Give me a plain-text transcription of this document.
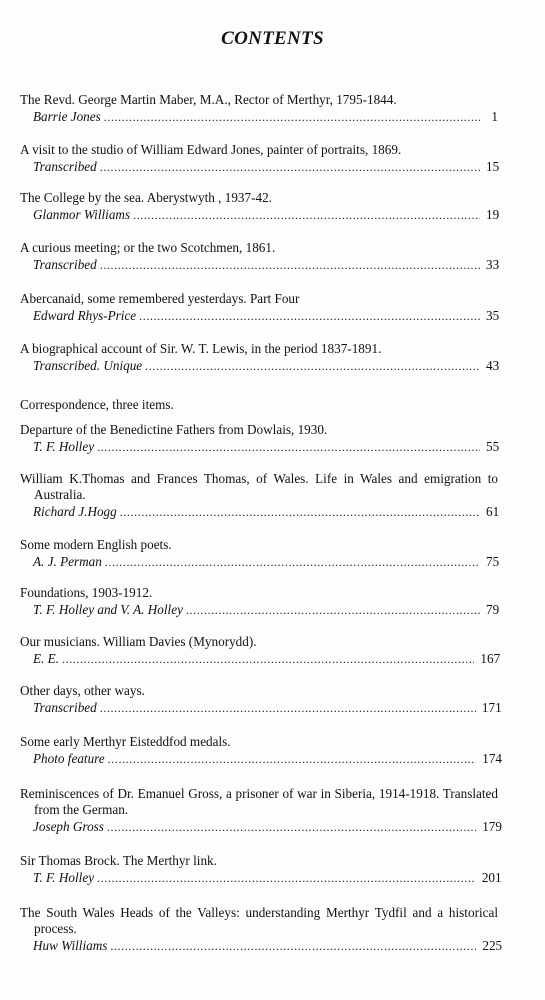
CONTENTS
The Revd. George Martin Maber, M.A., Rector of Merthyr, 1795-1844.
Barrie Jones . . .	1
A visit to the studio of William Edward Jones, painter of portraits, 1869.
Transcribed . . .	15
The College by the sea. Aberystwyth , 1937-42.
Glanmor Williams . . .	19
A curious meeting; or the two Scotchmen, 1861.
Transcribed . . .	33
Abercanaid, some remembered yesterdays. Part Four
Edward Rhys-Price . . .	35
A biographical account of Sir. W. T. Lewis, in the period 1837-1891.
Transcribed. Unique . . .	43
Correspondence, three items.
Departure of the Benedictine Fathers from Dowlais, 1930.
T. F. Holley . . .	55
William K.Thomas and Frances Thomas, of Wales. Life in Wales and emigration to Australia.
Richard J.Hogg . . .	61
Some modern English poets.
A. J. Perman . . .	75
Foundations, 1903-1912.
T. F. Holley and V. A. Holley . . .	79
Our musicians. William Davies (Mynorydd).
E. E. . . .	167
Other days, other ways.
Transcribed . . .	171
Some early Merthyr Eisteddfod medals.
Photo feature . . .	174
Reminiscences of Dr. Emanuel Gross, a prisoner of war in Siberia, 1914-1918. Translated from the German.
Joseph Gross . . .	179
Sir Thomas Brock. The Merthyr link.
T. F. Holley . . .	201
The South Wales Heads of the Valleys: understanding Merthyr Tydfil and a historical process.
Huw Williams . . .	225
